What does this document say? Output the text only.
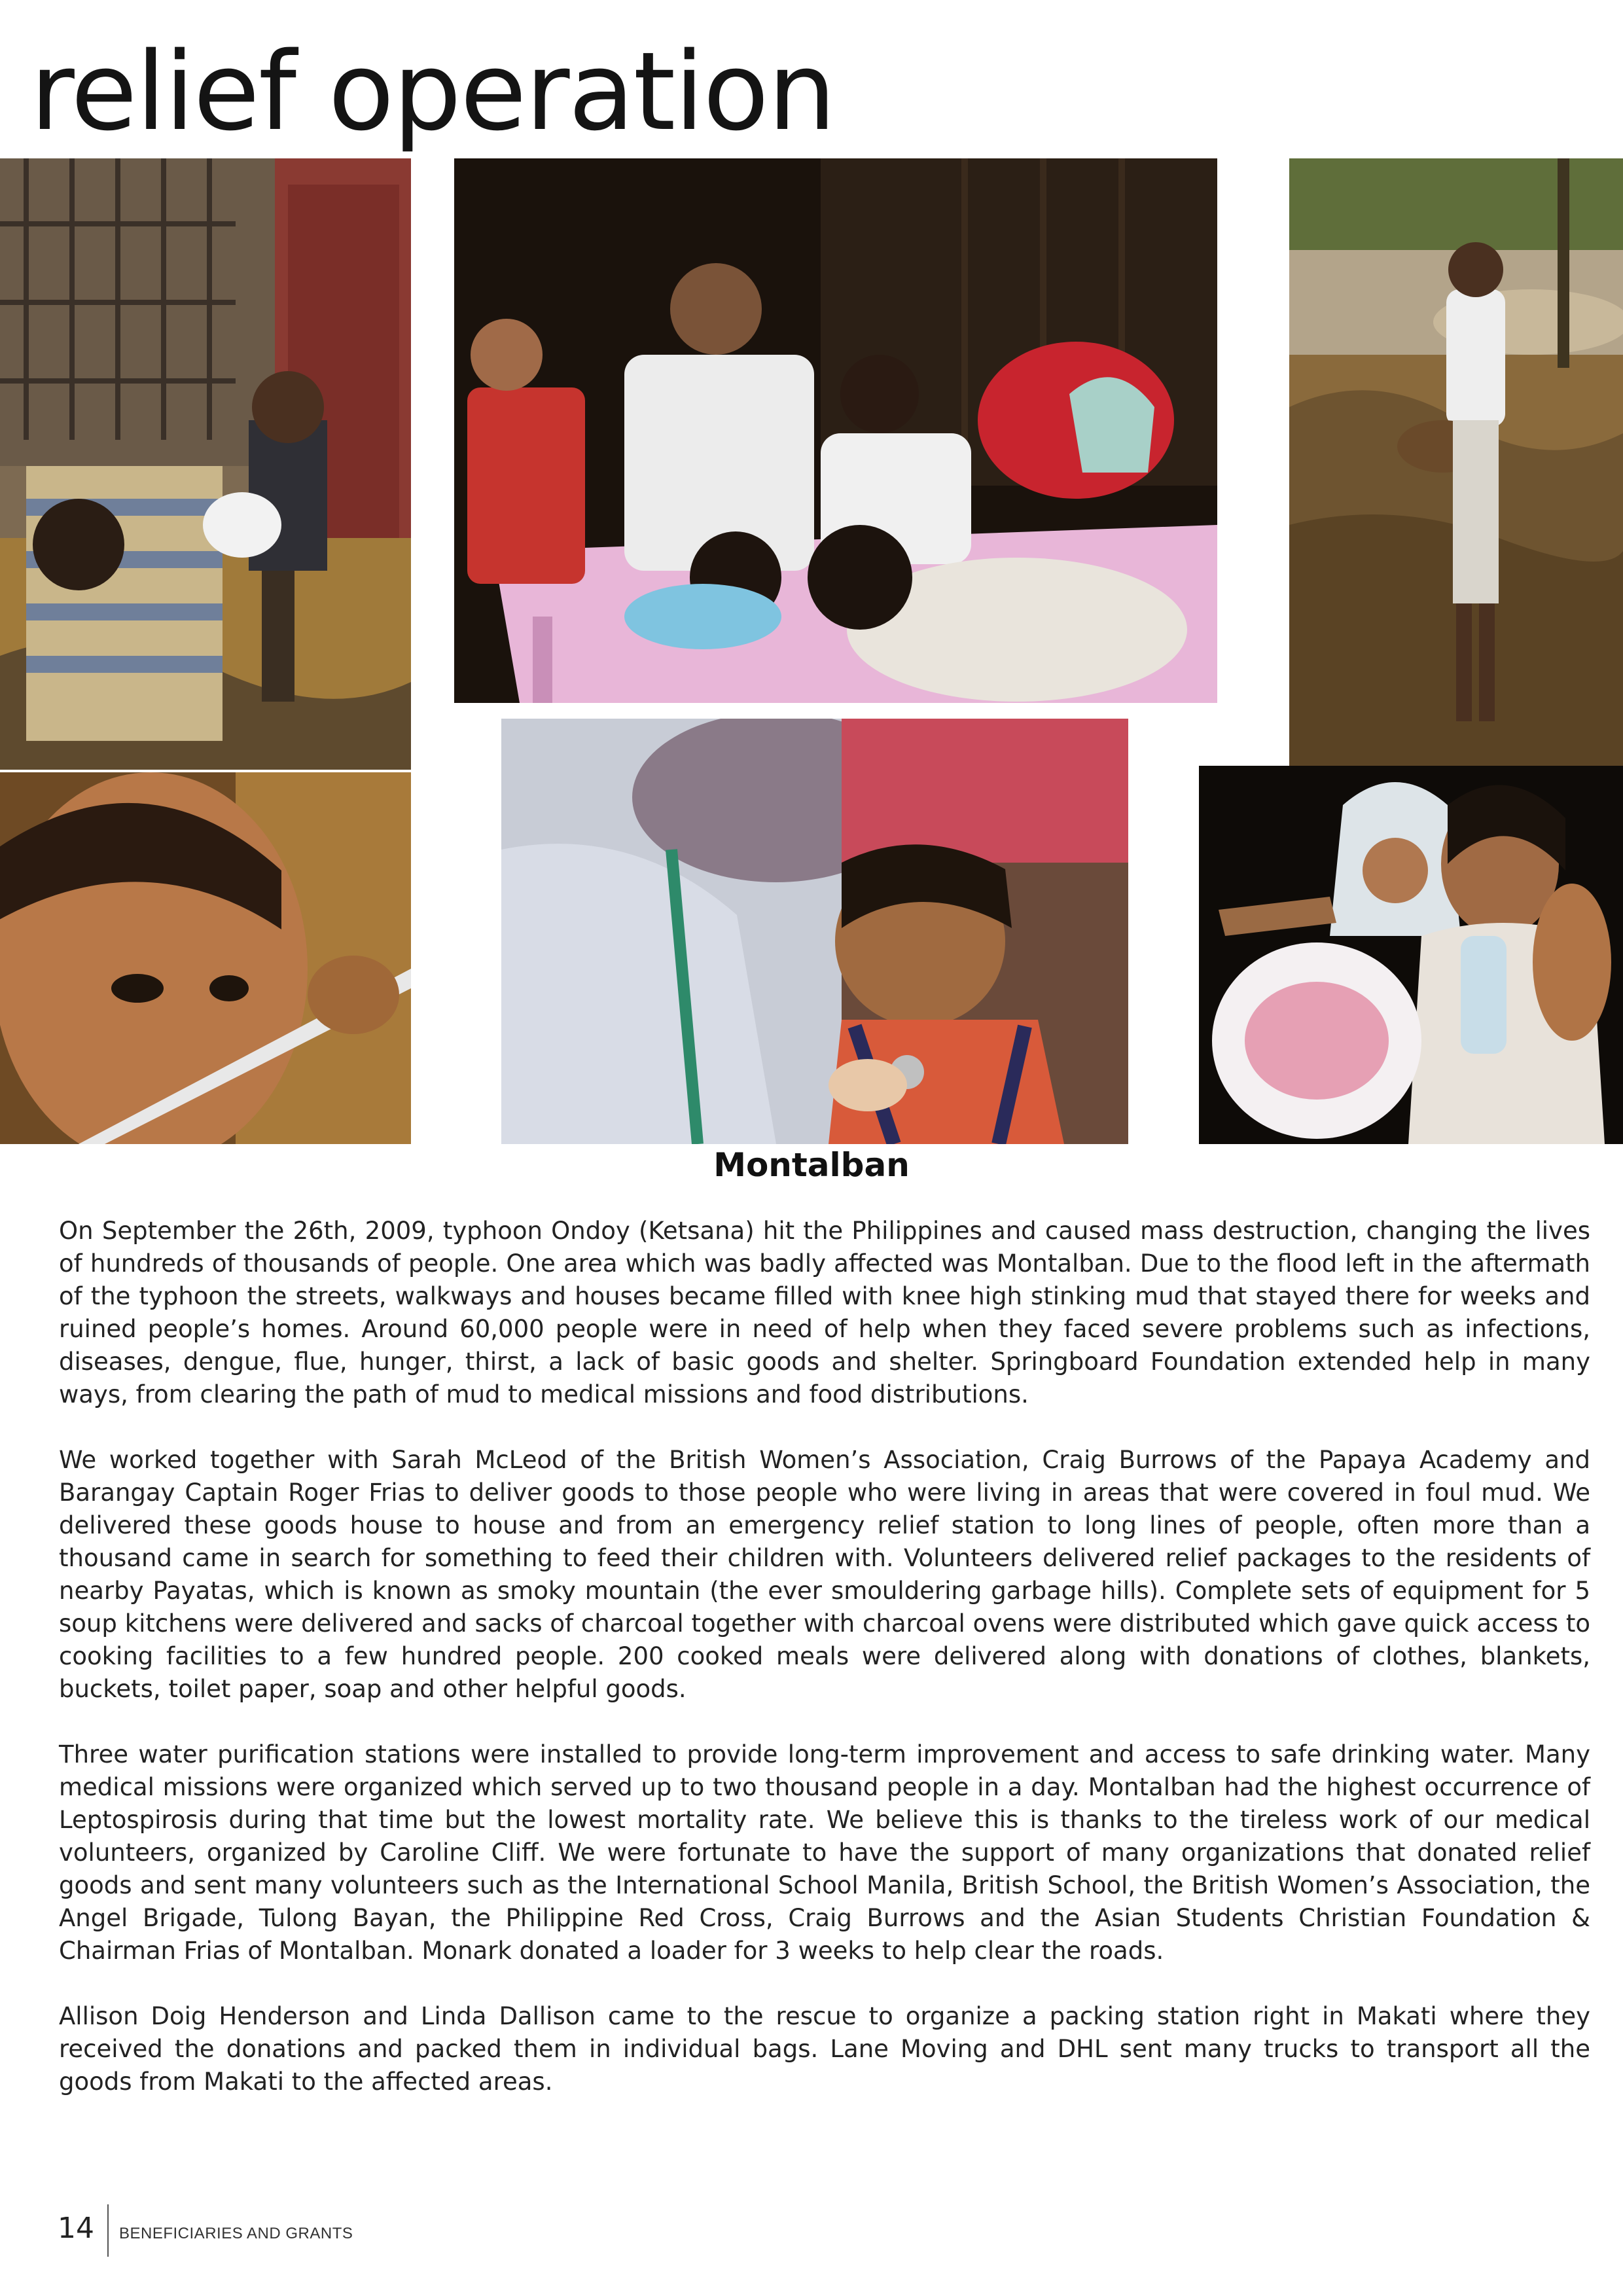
relief operation
Montalban

On September the 26th, 2009, typhoon Ondoy (Ketsana) hit the Philippines and caused mass destruction, changing the lives of hundreds of thousands of people. One area which was badly affected was Montalban. Due to the flood left in the aftermath of the typhoon the streets, walkways and houses became filled with knee high stinking mud that stayed there for weeks and ruined people’s homes. Around 60,000 people were in need of help when they faced severe problems such as infections, diseases, dengue, flue, hunger, thirst, a lack of basic goods and shelter. Springboard Foundation extended help in many ways, from clearing the path of mud to medical missions and food distributions.

We worked together with Sarah McLeod of the British Women’s Association, Craig Burrows of the Papaya Academy and Barangay Captain Roger Frias to deliver goods to those people who were living in areas that were covered in foul mud. We delivered these goods house to house and from an emergency relief station to long lines of people, often more than a thousand came in search for something to feed their children with. Volunteers delivered relief packages to the residents of nearby Payatas, which is known as smoky mountain (the ever smouldering garbage hills). Complete sets of equipment for 5 soup kitchens were delivered and sacks of charcoal together with charcoal ovens were distributed which gave quick access to cooking facilities to a few hundred people. 200 cooked meals were delivered along with donations of clothes, blankets, buckets, toilet paper, soap and other helpful goods.

Three water purification stations were installed to provide long-term improvement and access to safe drinking water. Many medical missions were organized which served up to two thousand people in a day. Montalban had the highest occurrence of Leptospirosis during that time but the lowest mortality rate. We believe this is thanks to the tireless work of our medical volunteers, organized by Caroline Cliff. We were fortunate to have the support of many organizations that donated relief goods and sent many volunteers such as the International School Manila, British School, the British Women’s Association, the Angel Brigade, Tulong Bayan, the Philippine Red Cross, Craig Burrows and the Asian Students Christian Foundation & Chairman Frias of Montalban. Monark donated a loader for 3 weeks to help clear the roads.

Allison Doig Henderson and Linda Dallison came to the rescue to organize a packing station right in Makati where they received the donations and packed them in individual bags. Lane Moving and DHL sent many trucks to transport all the goods from Makati to the affected areas.

14 BENEFICIARIES AND GRANTS
